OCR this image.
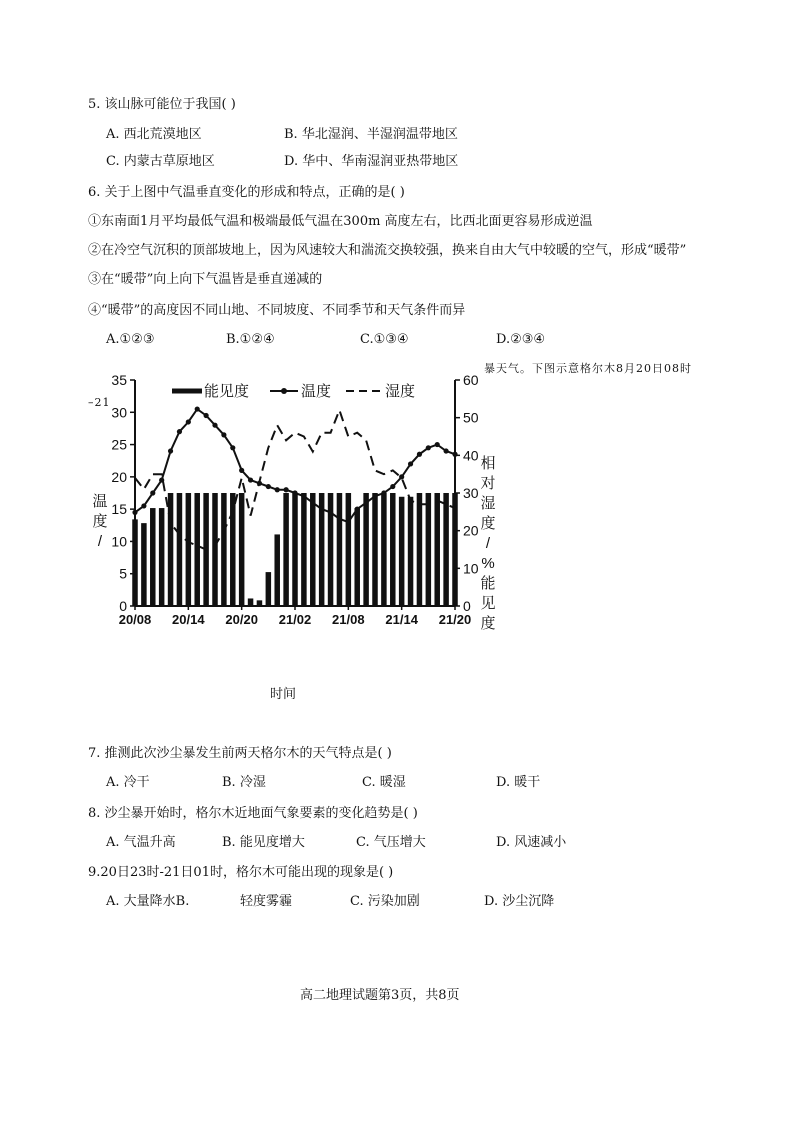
5. 该山脉可能位于我国( )
A. 西北荒漠地区	B. 华北湿润、半湿润温带地区
C. 内蒙古草原地区	D. 华中、华南湿润亚热带地区
6. 关于上图中气温垂直变化的形成和特点，正确的是( )
①东南面1月平均最低气温和极端最低气温在300m 高度左右，比西北面更容易形成逆温
②在冷空气沉积的顶部坡地上，因为风速较大和湍流交换较强，换来自由大气中较暖的空气，形成“暖带”
③在“暖带”向上向下气温皆是垂直递减的
④“暖带”的高度因不同山地、不同坡度、不同季节和天气条件而异
A.①②③	B.①②④	C.①③④	D.②③④
暴天气。下图示意格尔木8月20日08时
–21
0
5
10
15
20
25
30
35
0
10
20
30
40
50
60
20/08 20/14 20/20 21/02 21/08 21/14 21/20
能见度	温度	湿度
温
度
/
相
对
湿
度
/
%
能
见
度
时间
7. 推测此次沙尘暴发生前两天格尔木的天气特点是( )
A. 冷干	B. 冷湿	C. 暖湿	D. 暖干
8. 沙尘暴开始时，格尔木近地面气象要素的变化趋势是( )
A. 气温升高	B. 能见度增大	C. 气压增大	D. 风速减小
9.20日23时-21日01时，格尔木可能出现的现象是( )
A. 大量降水B.	轻度雾霾	C. 污染加剧	D. 沙尘沉降
高二地理试题第3页，共8页
